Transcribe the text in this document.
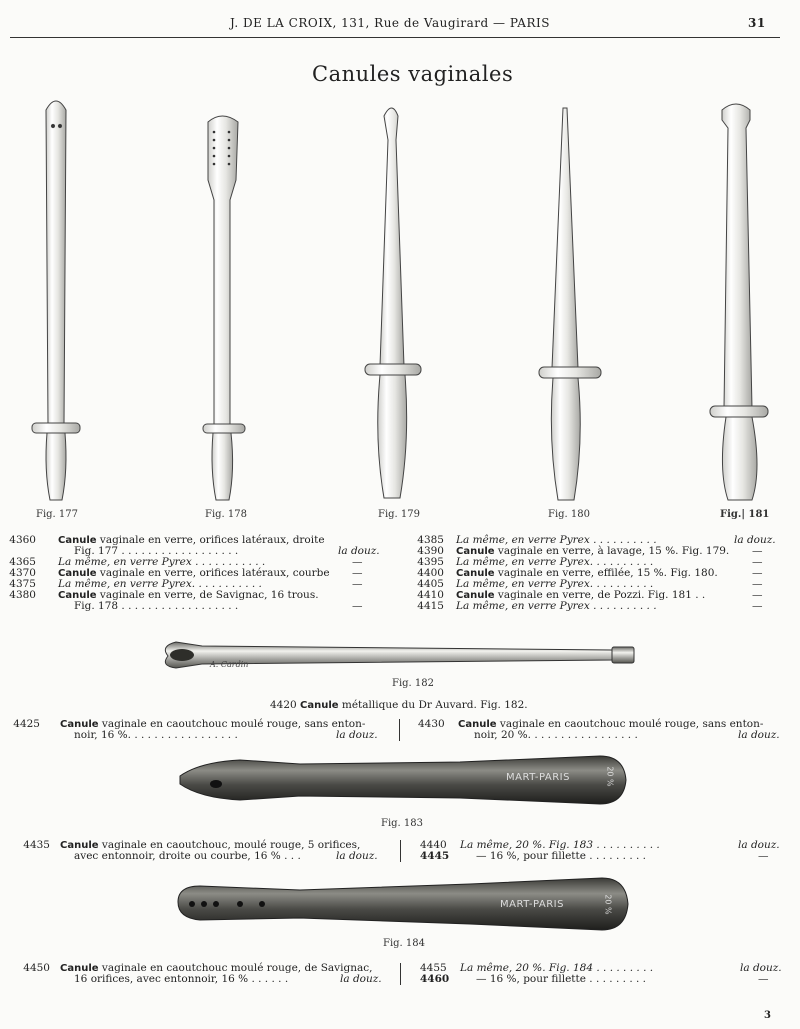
J. DE LA CROIX, 131, Rue de Vaugirard — PARIS	31
Canules vaginales
Fig. 177	Fig. 178	Fig. 179	Fig. 180	Fig.| 181
4360 Canule vaginale en verre, orifices latéraux, droite
Fig. 177 . . . . . . . . . . . . . . . . . .	la douz.
4365 La même, en verre Pyrex . . . . . . . . . . .	—
4370 Canule vaginale en verre, orifices latéraux, courbe —
4375 La même, en verre Pyrex. . . . . . . . . . .	—
4380 Canule vaginale en verre, de Savignac, 16 trous.
Fig. 178 . . . . . . . . . . . . . . . . . .	—
4385 La même, en verre Pyrex . . . . . . . . . .	la douz.
4390 Canule vaginale en verre, à lavage, 15 %. Fig. 179. —
4395 La même, en verre Pyrex. . . . . . . . . .	—
4400 Canule vaginale en verre, effilée, 15 %. Fig. 180.	—
4405 La même, en verre Pyrex. . . . . . . . . .	—
4410 Canule vaginale en verre, de Pozzi. Fig. 181 . .	—
4415 La même, en verre Pyrex . . . . . . . . . .	—
A. Cardin
Fig. 182
4420 Canule métallique du Dr Auvard. Fig. 182.
4425 Canule vaginale en caoutchouc moulé rouge, sans enton-
noir, 16 %. . . . . . . . . . . . . . . . .	la douz.
4430 Canule vaginale en caoutchouc moulé rouge, sans enton-
noir, 20 %. . . . . . . . . . . . . . . . .	la douz.
MART-PARIS	20 %
Fig. 183
4435 Canule vaginale en caoutchouc, moulé rouge, 5 orifices,
avec entonnoir, droite ou courbe, 16 % . . .	la douz.
4440 La même, 20 %. Fig. 183 . . . . . . . . . .	la douz.
4445	— 16 %, pour fillette . . . . . . . . .	—
MART-PARIS	20 %
Fig. 184
4450 Canule vaginale en caoutchouc moulé rouge, de Savignac,
16 orifices, avec entonnoir, 16 % . . . . . .	la douz.
4455 La même, 20 %. Fig. 184 . . . . . . . . .	la douz.
4460	— 16 %, pour fillette . . . . . . . . .	—
3
